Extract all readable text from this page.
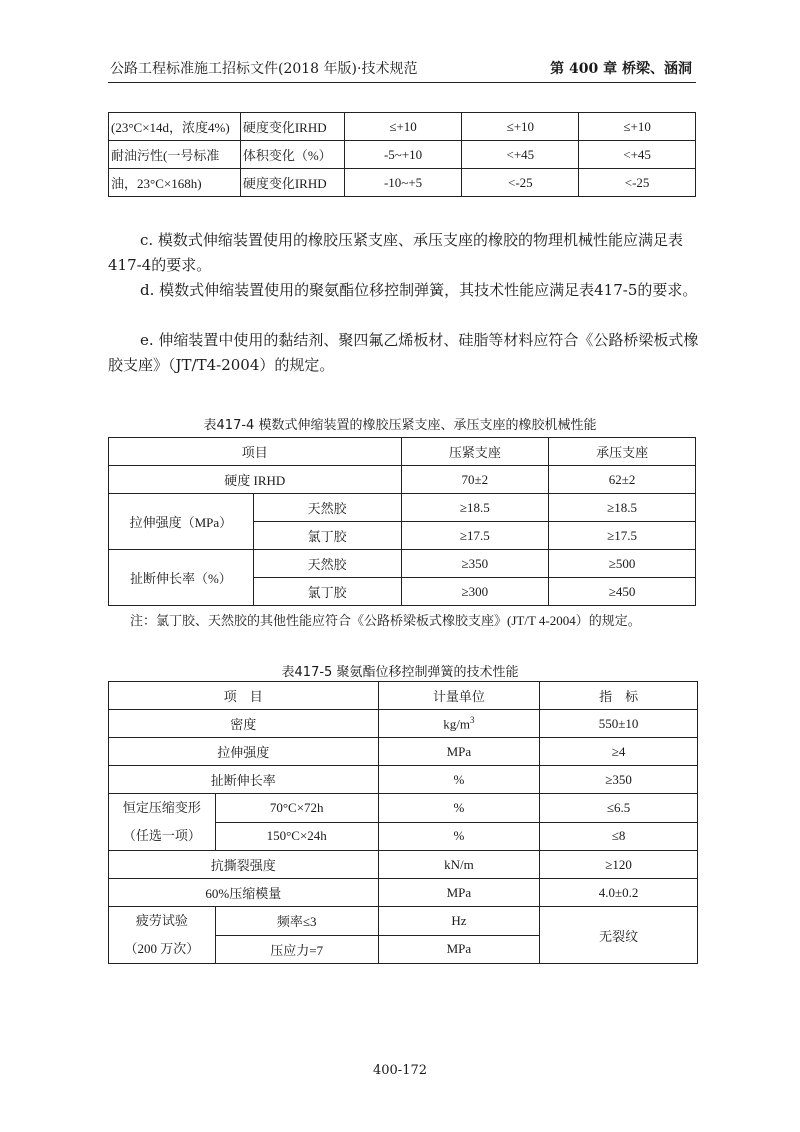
公路工程标准施工招标文件(2018 年版)·技术规范	第 400 章 桥梁、涵洞
(23°C×14d，浓度4%)	硬度变化IRHD	≤+10	≤+10	≤+10
耐油污性(一号标准	体积变化（%）	-5~+10	<+45	<+45
油，23°C×168h)	硬度变化IRHD	-10~+5	<-25	<-25
c. 模数式伸缩装置使用的橡胶压紧支座、承压支座的橡胶的物理机械性能应满足表417-4的要求。
d. 模数式伸缩装置使用的聚氨酯位移控制弹簧，其技术性能应满足表417-5的要求。
e. 伸缩装置中使用的黏结剂、聚四氟乙烯板材、硅脂等材料应符合《公路桥梁板式橡胶支座》（JT/T4-2004）的规定。
表417-4 模数式伸缩装置的橡胶压紧支座、承压支座的橡胶机械性能
项目		压紧支座	承压支座
硬度 IRHD		70±2	62±2
拉伸强度（MPa）	天然胶	≥18.5	≥18.5
	氯丁胶	≥17.5	≥17.5
扯断伸长率（%）	天然胶	≥350	≥500
	氯丁胶	≥300	≥450
注：氯丁胶、天然胶的其他性能应符合《公路桥梁板式橡胶支座》(JT/T 4-2004）的规定。
表417-5 聚氨酯位移控制弹簧的技术性能
项    目		计量单位	指    标
密度		$kg/m^3$	550±10
拉伸强度		MPa	≥4
扯断伸长率		%	≥350

恒定压缩变形
（任选一项）	70°C×72h	%	≤6.5
	150°C×24h	%	≤8
抗撕裂强度		kN/m	≥120
60%压缩模量		MPa	4.0±0.2

疲劳试验
（200 万次）	频率≤3	Hz	无裂纹
	压应力=7	MPa	
400-172
